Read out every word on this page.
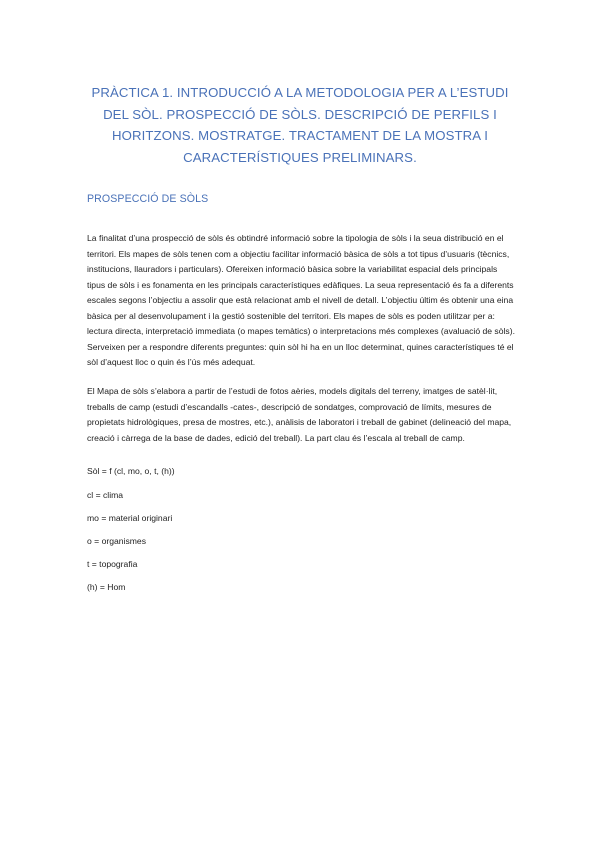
PRÀCTICA 1. INTRODUCCIÓ A LA METODOLOGIA PER A L’ESTUDI DEL SÒL. PROSPECCIÓ DE SÒLS. DESCRIPCIÓ DE PERFILS I HORITZONS. MOSTRATGE. TRACTAMENT DE LA MOSTRA I CARACTERÍSTIQUES PRELIMINARS.
PROSPECCIÓ DE SÒLS
La finalitat d’una prospecció de sòls és obtindré informació sobre la tipologia de sòls i la seua distribució en el territori. Els mapes de sòls tenen com a objectiu facilitar informació bàsica de sòls a tot tipus d’usuaris (tècnics, institucions, llauradors i particulars). Ofereixen informació bàsica sobre la variabilitat espacial dels principals tipus de sòls i es fonamenta en les principals característiques edàfiques. La seua representació és fa a diferents escales segons l’objectiu a assolir que està relacionat amb el nivell de detall. L’objectiu últim és obtenir una eina bàsica per al desenvolupament i la gestió sostenible del territori. Els mapes de sòls es poden utilitzar per a: lectura directa, interpretació immediata (o mapes temàtics) o interpretacions més complexes (avaluació de sòls). Serveixen per a respondre diferents preguntes: quin sòl hi ha en un lloc determinat, quines característiques té el sòl d’aquest lloc o quin és l’ús més adequat.
El Mapa de sòls s’elabora a partir de l’estudi de fotos aèries, models digitals del terreny, imatges de satèl·lit, treballs de camp (estudi d’escandalls -cates-, descripció de sondatges, comprovació de límits, mesures de propietats hidrològiques, presa de mostres, etc.), anàlisis de laboratori i treball de gabinet (delineació del mapa, creació i càrrega de la base de dades, edició del treball). La part clau és l’escala al treball de camp.
Sòl = f (cl, mo, o, t, (h))
cl = clima
mo = material originari
o = organismes
t = topografia
(h) = Hom
